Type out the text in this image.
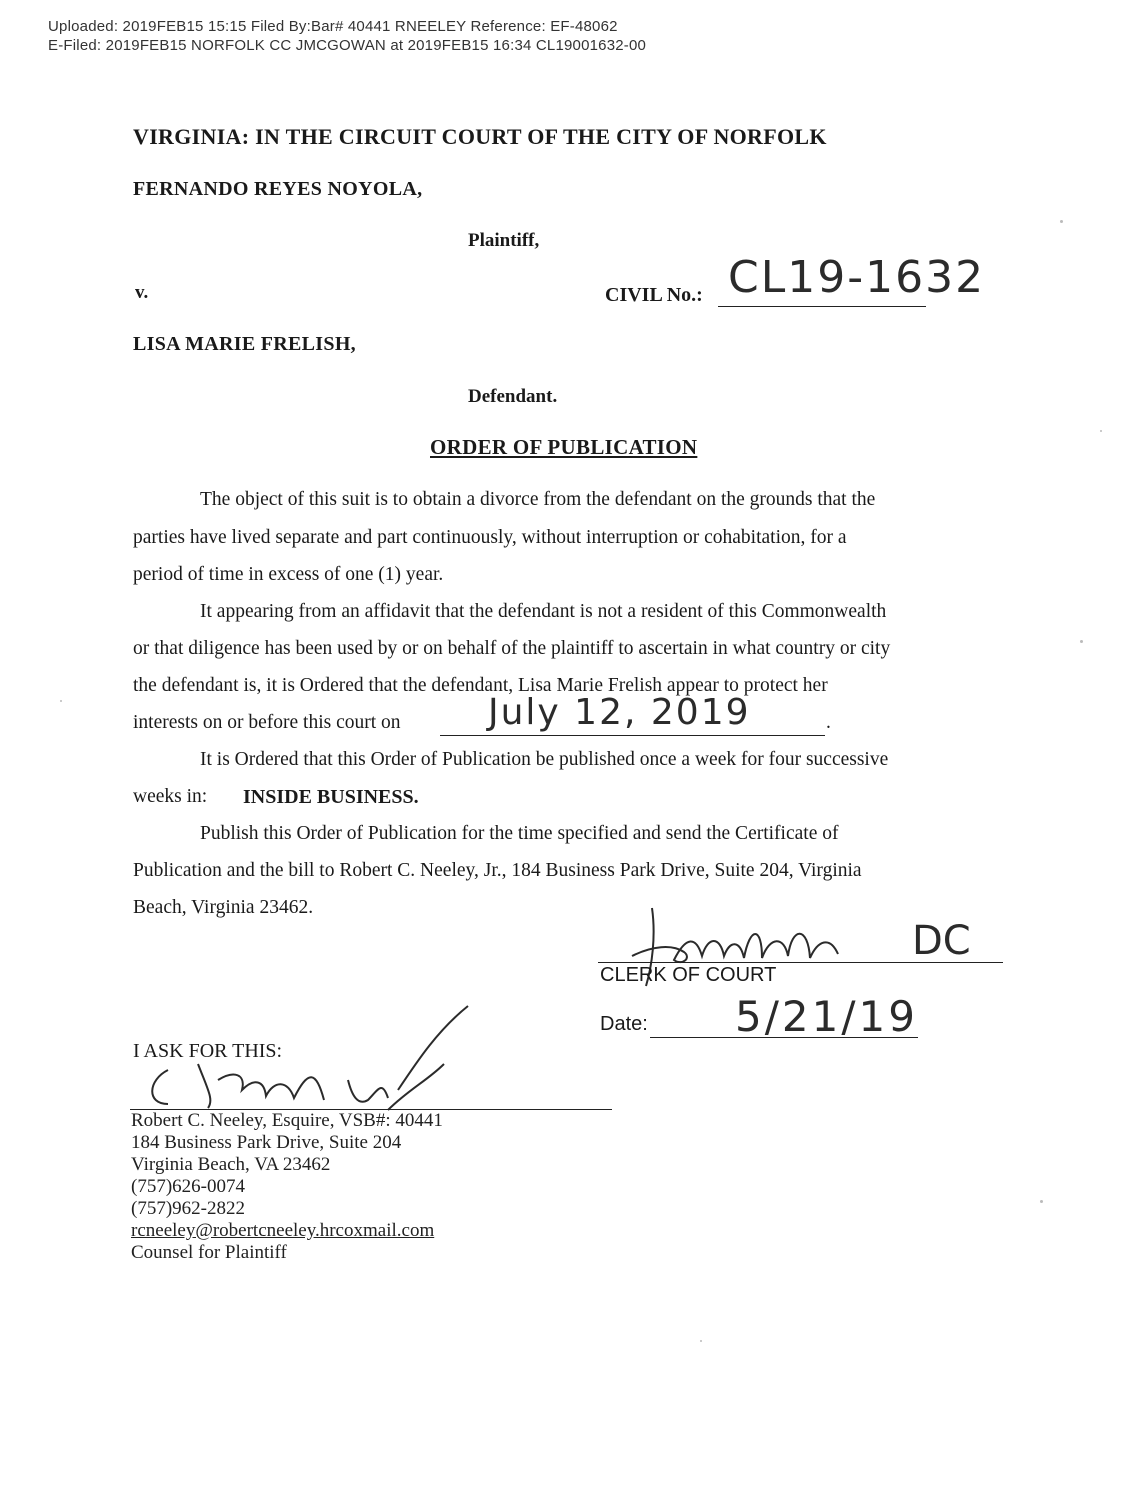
Uploaded: 2019FEB15 15:15 Filed By:Bar# 40441 RNEELEY Reference: EF-48062
E-Filed: 2019FEB15 NORFOLK CC JMCGOWAN at 2019FEB15 16:34 CL19001632-00
VIRGINIA: IN THE CIRCUIT COURT OF THE CITY OF NORFOLK
FERNANDO REYES NOYOLA,
Plaintiff,
v.	CIVIL No.: CL19-1632
LISA MARIE FRELISH,
Defendant.
ORDER OF PUBLICATION
The object of this suit is to obtain a divorce from the defendant on the grounds that the
parties have lived separate and part continuously, without interruption or cohabitation, for a
period of time in excess of one (1) year.
It appearing from an affidavit that the defendant is not a resident of this Commonwealth
or that diligence has been used by or on behalf of the plaintiff to ascertain in what country or city
the defendant is, it is Ordered that the defendant, Lisa Marie Frelish appear to protect her
interests on or before this court on	July 12, 2019	.
It is Ordered that this Order of Publication be published once a week for four successive
weeks in:	INSIDE BUSINESS.
Publish this Order of Publication for the time specified and send the Certificate of
Publication and the bill to Robert C. Neeley, Jr., 184 Business Park Drive, Suite 204, Virginia
Beach, Virginia 23462.
DC
CLERK OF COURT
Date: 5/21/19
I ASK FOR THIS:
Robert C. Neeley, Esquire, VSB#: 40441
184 Business Park Drive, Suite 204
Virginia Beach, VA 23462
(757)626-0074
(757)962-2822
rcneeley@robertcneeley.hrcoxmail.com
Counsel for Plaintiff
